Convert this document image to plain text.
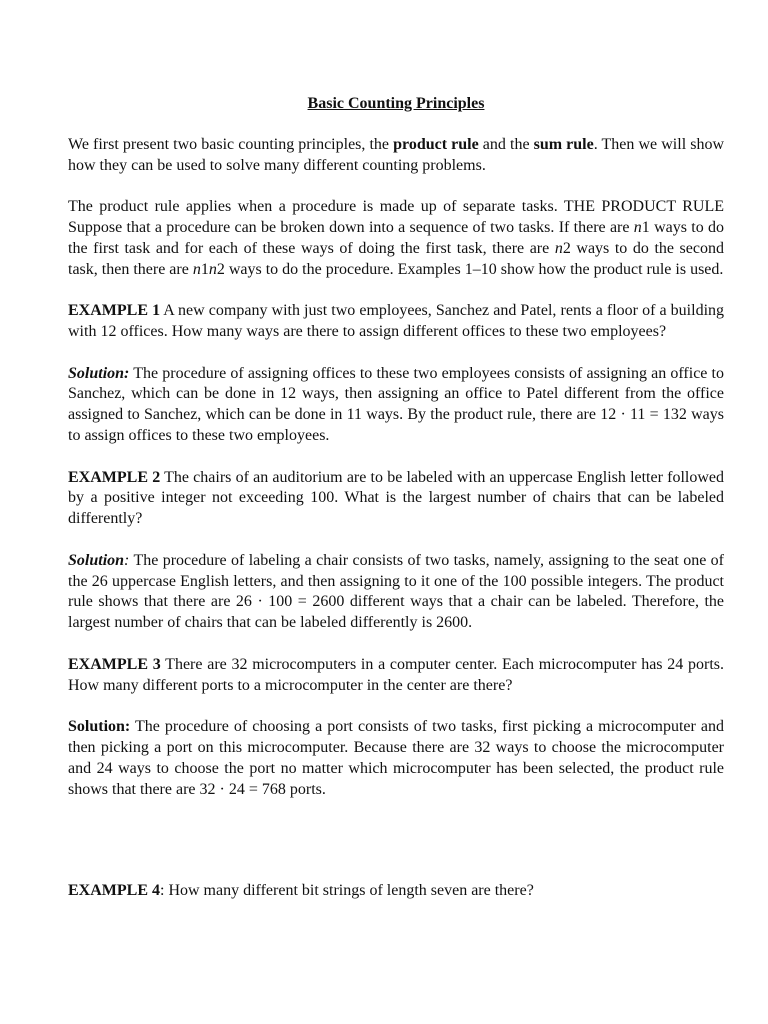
Basic Counting Principles

We first present two basic counting principles, the product rule and the sum rule. Then we will show how they can be used to solve many different counting problems.

The product rule applies when a procedure is made up of separate tasks. THE PRODUCT RULE Suppose that a procedure can be broken down into a sequence of two tasks. If there are n1 ways to do the first task and for each of these ways of doing the first task, there are n2 ways to do the second task, then there are n1n2 ways to do the procedure. Examples 1–10 show how the product rule is used.

EXAMPLE 1 A new company with just two employees, Sanchez and Patel, rents a floor of a building with 12 offices. How many ways are there to assign different offices to these two employees?

Solution: The procedure of assigning offices to these two employees consists of assigning an office to Sanchez, which can be done in 12 ways, then assigning an office to Patel different from the office assigned to Sanchez, which can be done in 11 ways. By the product rule, there are 12 · 11 = 132 ways to assign offices to these two employees.

EXAMPLE 2 The chairs of an auditorium are to be labeled with an uppercase English letter followed by a positive integer not exceeding 100. What is the largest number of chairs that can be labeled differently?

Solution: The procedure of labeling a chair consists of two tasks, namely, assigning to the seat one of the 26 uppercase English letters, and then assigning to it one of the 100 possible integers. The product rule shows that there are 26 · 100 = 2600 different ways that a chair can be labeled. Therefore, the largest number of chairs that can be labeled differently is 2600.

EXAMPLE 3 There are 32 microcomputers in a computer center. Each microcomputer has 24 ports. How many different ports to a microcomputer in the center are there?

Solution: The procedure of choosing a port consists of two tasks, first picking a microcomputer and then picking a port on this microcomputer. Because there are 32 ways to choose the microcomputer and 24 ways to choose the port no matter which microcomputer has been selected, the product rule shows that there are 32 · 24 = 768 ports.

EXAMPLE 4: How many different bit strings of length seven are there?
